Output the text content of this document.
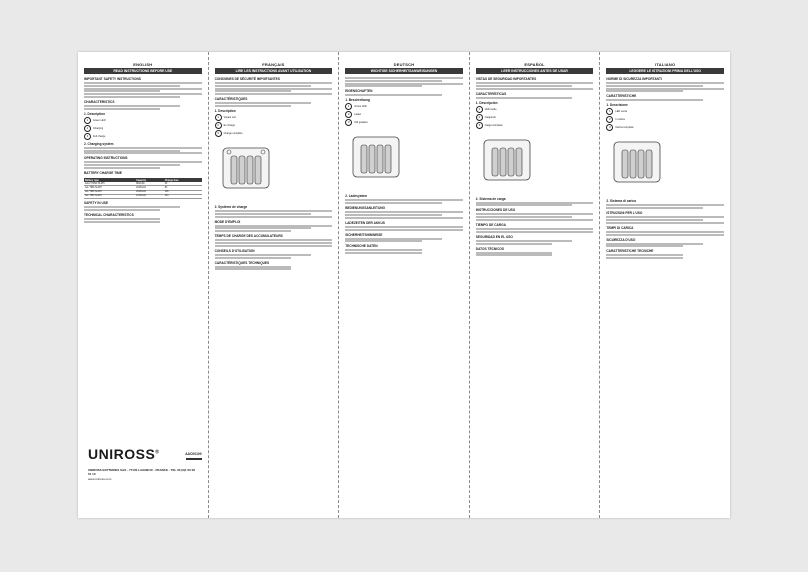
ENGLISH
READ INSTRUCTIONS BEFORE USE
IMPORTANT SAFETY INSTRUCTIONS
CHARACTERISTICS
1. Description
1	Green LED
2	Charging
3	Full charge
2. Charging system
OPERATING INSTRUCTIONS
BATTERY CHARGE TIME
Battery type	Capacity	Charge time
AAA / HR03 Ni-MH	800mAh	6h
AA / HR6 Ni-MH	2100mAh	8h
AA / HR6 Ni-MH	2500mAh	10h
AA / HR6 Ni-MH	2700mAh	11h
SAFETY IN USE
TECHNICAL CHARACTERISTICS
UNIROSS®
UNIROSS BATTERIES SAS · 77100 LAGNEUX - FRANCE · TEL 33 (0)1 60 09 51 13
www.uniross.com
AAC00100
FRANÇAIS
LIRE LES INSTRUCTIONS AVANT UTILISATION
CONSIGNES DE SÉCURITÉ IMPORTANTES
CARACTÉRISTIQUES
1. Description
1	Voyant vert
2	En charge
3	Charge complète
2. Système de charge
MODE D'EMPLOI
TEMPS DE CHARGE DES ACCUMULATEURS
CONSEILS D'UTILISATION
CARACTÉRISTIQUES TECHNIQUES
DEUTSCH
WICHTIGE SICHERHEITSANWEISUNGEN
EIGENSCHAFTEN
1. Beschreibung
1	Grüne LED
2	Laden
3	Voll geladen
2. Ladesystem
BEDIENUNGSANLEITUNG
LADEZEITEN DER AKKUS
SICHERHEITSHINWEISE
TECHNISCHE DATEN
ESPAÑOL
LEER INSTRUCCIONES ANTES DE USAR
VISTAS DE SEGURIDAD IMPORTANTES
CARACTERÍSTICAS
1. Descripción
1	LED verde
2	Cargando
3	Carga completa
2. Sistema de carga
INSTRUCCIONES DE USO
TIEMPO DE CARGA
SEGURIDAD EN EL USO
DATOS TÉCNICOS
ITALIANO
LEGGERE LE ISTRUZIONI PRIMA DELL'USO
NORME DI SICUREZZA IMPORTANTI
CARATTERISTICHE
1. Descrizione
1	LED verde
2	In carica
3	Carica completa
2. Sistema di carica
ISTRUZIONI PER L'USO
TEMPI DI CARICA
SICUREZZA D'USO
CARATTERISTICHE TECNICHE
